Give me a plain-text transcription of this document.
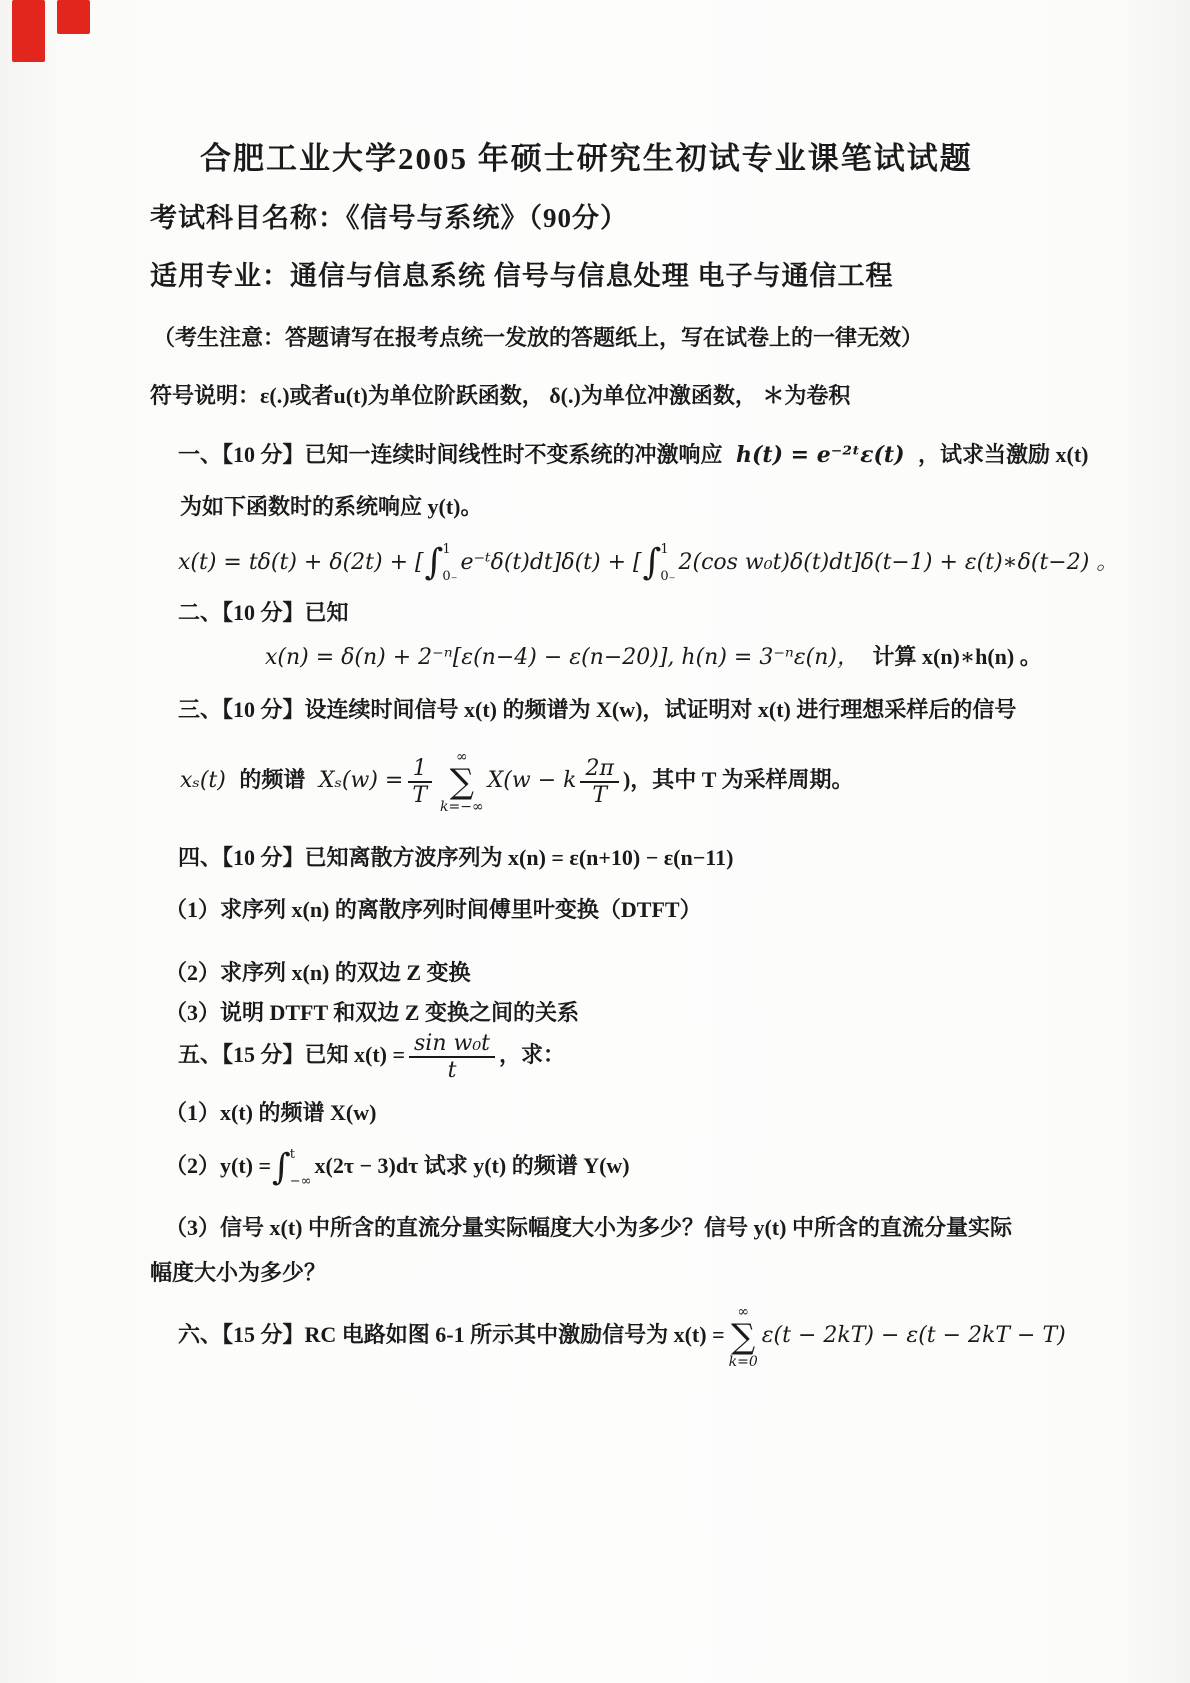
合肥工业大学2005 年硕士研究生初试专业课笔试试题
考试科目名称：《信号与系统》（90分）
适用专业：通信与信息系统 信号与信息处理 电子与通信工程
（考生注意：答题请写在报考点统一发放的答题纸上，写在试卷上的一律无效）
符号说明：ε(.)或者u(t)为单位阶跃函数， δ(.)为单位冲激函数， ＊为卷积
一、【10 分】已知一连续时间线性时不变系统的冲激响应 h(t) = e⁻²ᵗε(t) ，试求当激励 x(t)
为如下函数时的系统响应 y(t)。
x(t) = tδ(t) + δ(2t) + [ ∫ 1
0₋
e⁻ᵗδ(t)dt]δ(t) + [ ∫ 1
0₋
2(cos w₀t)δ(t)dt]δ(t−1) + ε(t)∗δ(t−2) 。
二、【10 分】已知
x(n) = δ(n) + 2⁻ⁿ[ε(n−4) − ε(n−20)], h(n) = 3⁻ⁿε(n)， 计算 x(n)∗h(n) 。
三、【10 分】设连续时间信号 x(t) 的频谱为 X(w)，试证明对 x(t) 进行理想采样后的信号
xₛ(t) 的频谱 $X_s(w) = \frac{1}{T}$ ∞
∑
k=−∞
X(w − k $\frac{2\pi}{T}$ )，其中 T 为采样周期。
四、【10 分】已知离散方波序列为 x(n) = ε(n+10) − ε(n−11)
（1）求序列 x(n) 的离散序列时间傅里叶变换（DTFT）
（2）求序列 x(n) 的双边 Z 变换
（3）说明 DTFT 和双边 Z 变换之间的关系
五、【15 分】已知 $x(t) = \frac{\text{sin w₀t}}{t}$ ，求：
（1）x(t) 的频谱 X(w)
（2）y(t) = ∫ t
−∞
x(2τ − 3)dτ 试求 y(t) 的频谱 Y(w)
（3）信号 x(t) 中所含的直流分量实际幅度大小为多少？信号 y(t) 中所含的直流分量实际
幅度大小为多少？
六、【15 分】RC 电路如图 6-1 所示其中激励信号为 x(t) =
∞
∑
k=0
ε(t − 2kT) − ε(t − 2kT − T)
